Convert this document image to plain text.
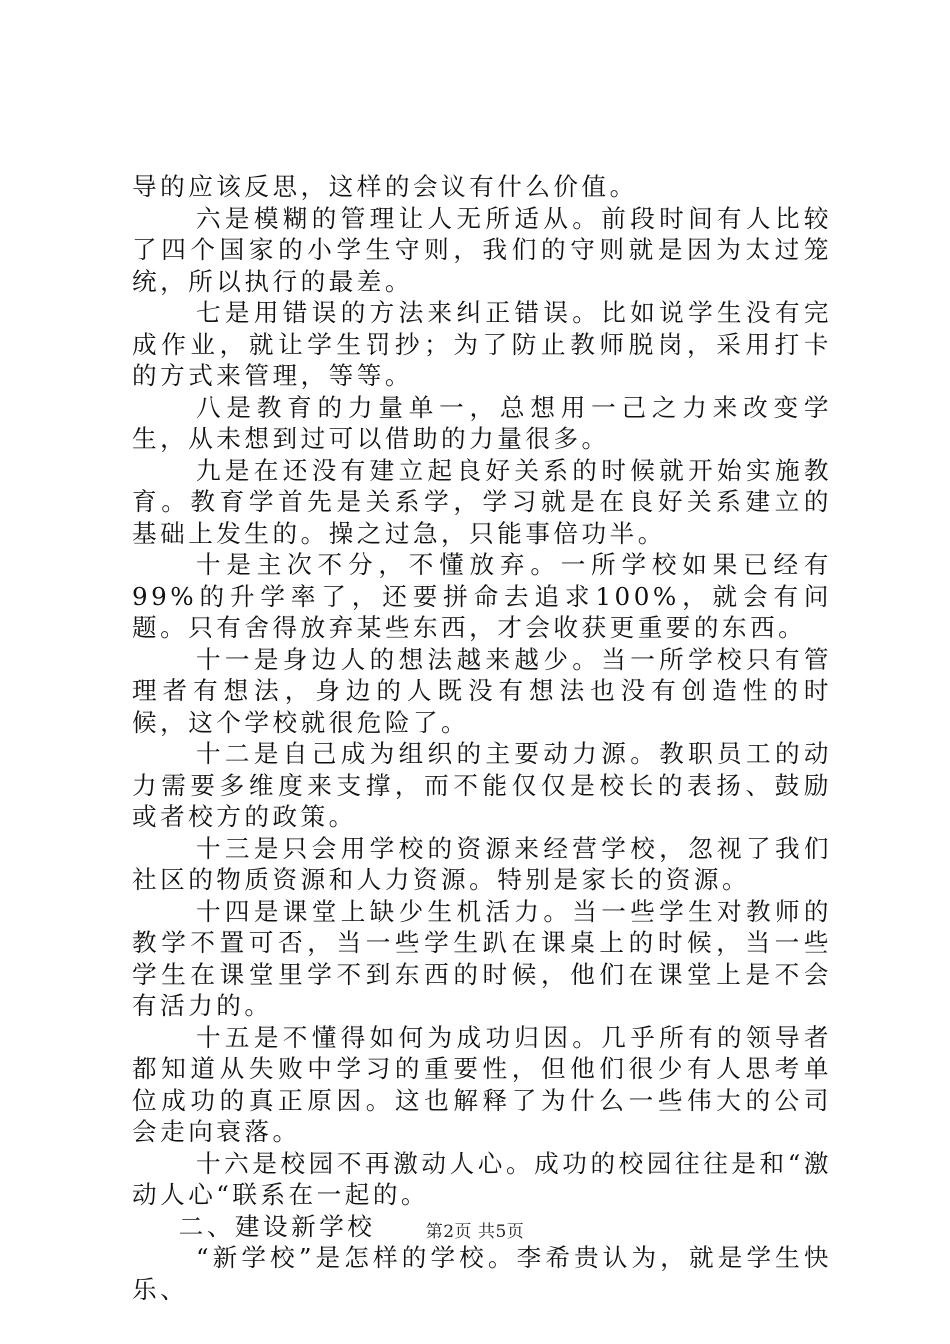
导的应该反思，这样的会议有什么价值。

六是模糊的管理让人无所适从。前段时间有人比较了四个国家的小学生守则，我们的守则就是因为太过笼统，所以执行的最差。

七是用错误的方法来纠正错误。比如说学生没有完成作业，就让学生罚抄；为了防止教师脱岗，采用打卡的方式来管理，等等。

八是教育的力量单一，总想用一己之力来改变学生，从未想到过可以借助的力量很多。

九是在还没有建立起良好关系的时候就开始实施教育。教育学首先是关系学，学习就是在良好关系建立的基础上发生的。操之过急，只能事倍功半。

十是主次不分，不懂放弃。一所学校如果已经有99%的升学率了，还要拼命去追求100%，就会有问题。只有舍得放弃某些东西，才会收获更重要的东西。

十一是身边人的想法越来越少。当一所学校只有管理者有想法，身边的人既没有想法也没有创造性的时候，这个学校就很危险了。

十二是自己成为组织的主要动力源。教职员工的动力需要多维度来支撑，而不能仅仅是校长的表扬、鼓励或者校方的政策。

十三是只会用学校的资源来经营学校，忽视了我们社区的物质资源和人力资源。特别是家长的资源。

十四是课堂上缺少生机活力。当一些学生对教师的教学不置可否，当一些学生趴在课桌上的时候，当一些学生在课堂里学不到东西的时候，他们在课堂上是不会有活力的。

十五是不懂得如何为成功归因。几乎所有的领导者都知道从失败中学习的重要性，但他们很少有人思考单位成功的真正原因。这也解释了为什么一些伟大的公司会走向衰落。

十六是校园不再激动人心。成功的校园往往是和“激动人心“联系在一起的。

二、建设新学校

“新学校”是怎样的学校。李希贵认为，就是学生快乐、

第2页 共5页
